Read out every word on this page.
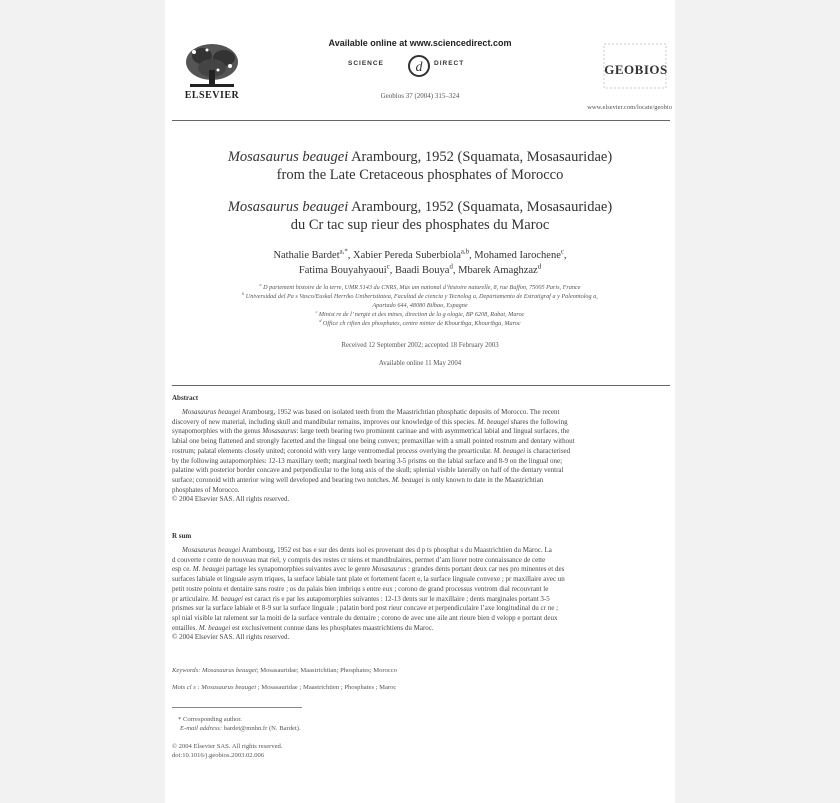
ELSEVIER
Available online at www.sciencedirect.com
SCIENCE d DIRECT
Geobios 37 (2004) 315–324
GEOBIOS
www.elsevier.com/locate/geobio
Mosasaurus beaugei Arambourg, 1952 (Squamata, Mosasauridae)
from the Late Cretaceous phosphates of Morocco
Mosasaurus beaugei Arambourg, 1952 (Squamata, Mosasauridae)
du Cr tac sup rieur des phosphates du Maroc
Nathalie Bardet$^{a,*}$, Xabier Pereda Suberbiola$^{a,b}$, Mohamed Iarochene$^c$,
Fatima Bouyahyaoui$^c$, Baadi Bouya$^d$, Mbarek Amaghzaz$^d$
$^a$ D partement histoire de la terre, UMR 5143 du CNRS, Mus um national d’histoire naturelle, 8, rue Buffon, 75005 Paris, France
$^b$ Universidad del Pa s Vasco/Euskal Herriko Unibertsitatea, Facultad de ciencia y Tecnolog a, Departamento de Estratigraf a y Paleontolog a,
Apartado 644, 48080 Bilbao, Espagne
$^c$ Minist re de l’ nergie et des mines, direction de la g ologie, BP 6208, Rabat, Maroc
$^d$ Office ch rifien des phosphates, centre minier de Khouribga, Khouribga, Maroc
Received 12 September 2002; accepted 18 February 2003
Available online 11 May 2004
Abstract
Mosasaurus beaugei Arambourg, 1952 was based on isolated teeth from the Maastrichtian phosphatic deposits of Morocco. The recent
discovery of new material, including skull and mandibular remains, improves our knowledge of this species. M. beaugei shares the following
synapomorphies with the genus Mosasaurus: large teeth bearing two prominent carinae and with asymmetrical labial and lingual surfaces, the
labial one being flattened and strongly facetted and the lingual one being convex; premaxillae with a small pointed rostrum and dentary without
rostrum; palatal elements closely united; coronoid with very large ventromedial process overlying the prearticular. M. beaugei is characterised
by the following autapomorphies: 12-13 maxillary teeth; marginal teeth bearing 3-5 prisms on the labial surface and 8-9 on the lingual one;
palatine with posterior border concave and perpendicular to the long axis of the skull; splenial visible laterally on half of the dentary ventral
surface; coronoid with anterior wing well developed and bearing two notches. M. beaugei is only known to date in the Maastrichtian
phosphates of Morocco.
© 2004 Elsevier SAS. All rights reserved.
R sum
Mosasaurus beaugei Arambourg, 1952 est bas e sur des dents isol es provenant des d p ts phosphat s du Maastrichtien du Maroc. La
d couverte r cente de nouveau mat riel, y compris des restes cr niens et mandibulaires, permet d’am liorer notre connaissance de cette
esp ce. M. beaugei partage les synapomorphies suivantes avec le genre Mosasaurus : grandes dents portant deux car nes pro minentes et des
surfaces labiale et linguale asym triques, la surface labiale tant plate et fortement facett e, la surface linguale convexe ; pr maxillaire avec un
petit rostre pointu et dentaire sans rostre ; os du palais bien imbriqu s entre eux ; corono de grand processus ventrom dial recouvrant le
pr articulaire. M. beaugei est caract ris e par les autapomorphies suivantes : 12-13 dents sur le maxillaire ; dents marginales portant 3-5
prismes sur la surface labiale et 8-9 sur la surface linguale ; palatin bord post rieur concave et perpendiculaire l’axe longitudinal du cr ne ;
spl nial visible lat ralement sur la moiti de la surface ventrale du dentaire ; corono de avec une aile ant rieure bien d velopp e portant deux
entailles. M. beaugei est exclusivement connue dans les phosphates maastrichtiens du Maroc.
© 2004 Elsevier SAS. All rights reserved.
Keywords: Mosasaurus beaugei; Mosasauridae; Maastrichtian; Phosphates; Morocco
Mots cl s : Mosasaurus beaugei ; Mosasauridae ; Maastrichtien ; Phosphates ; Maroc
* Corresponding author.
E-mail address: bardet@mnhn.fr (N. Bardet).
© 2004 Elsevier SAS. All rights reserved.
doi:10.1016/j.geobios.2003.02.006
